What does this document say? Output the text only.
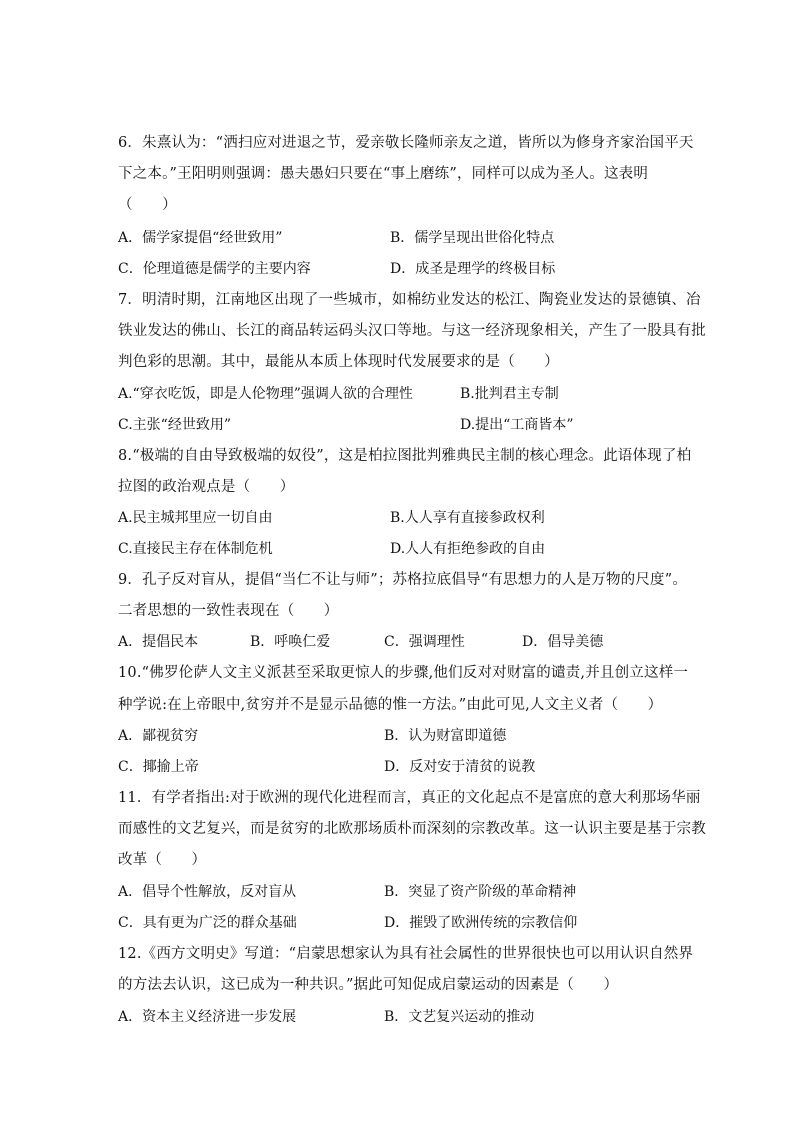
6．朱熹认为：“洒扫应对进退之节，爱亲敬长隆师亲友之道，皆所以为修身齐家治国平天
下之本。”王阳明则强调：愚夫愚妇只要在“事上磨练”，同样可以成为圣人。这表明
（　　）
A．儒学家提倡“经世致用”	B．儒学呈现出世俗化特点
C．伦理道德是儒学的主要内容	D．成圣是理学的终极目标
7．明清时期，江南地区出现了一些城市，如棉纺业发达的松江、陶瓷业发达的景德镇、冶
铁业发达的佛山、长江的商品转运码头汉口等地。与这一经济现象相关，产生了一股具有批
判色彩的思潮。其中，最能从本质上体现时代发展要求的是（　　）
A.“穿衣吃饭，即是人伦物理”强调人欲的合理性	B.批判君主专制
C.主张“经世致用”	D.提出“工商皆本”
8.“极端的自由导致极端的奴役”，这是柏拉图批判雅典民主制的核心理念。此语体现了柏
拉图的政治观点是（　　）
A.民主城邦里应一切自由	B.人人享有直接参政权利
C.直接民主存在体制危机	D.人人有拒绝参政的自由
9．孔子反对盲从，提倡“当仁不让与师”；苏格拉底倡导“有思想力的人是万物的尺度”。
二者思想的一致性表现在（　　）
A．提倡民本	B．呼唤仁爱	C．强调理性	D．倡导美德
10.“佛罗伦萨人文主义派甚至采取更惊人的步骤,他们反对对财富的谴责,并且创立这样一
种学说:在上帝眼中,贫穷并不是显示品德的惟一方法。”由此可见,人文主义者（　　）
A．鄙视贫穷	B．认为财富即道德
C．揶揄上帝	D．反对安于清贫的说教
11．有学者指出:对于欧洲的现代化进程而言，真正的文化起点不是富庶的意大利那场华丽
而感性的文艺复兴，而是贫穷的北欧那场质朴而深刻的宗教改革。这一认识主要是基于宗教
改革（　　）
A．倡导个性解放，反对盲从	B．突显了资产阶级的革命精神
C．具有更为广泛的群众基础	D．摧毁了欧洲传统的宗教信仰
12.《西方文明史》写道：“启蒙思想家认为具有社会属性的世界很快也可以用认识自然界
的方法去认识，这已成为一种共识。”据此可知促成启蒙运动的因素是（　　）
A．资本主义经济进一步发展	B．文艺复兴运动的推动
